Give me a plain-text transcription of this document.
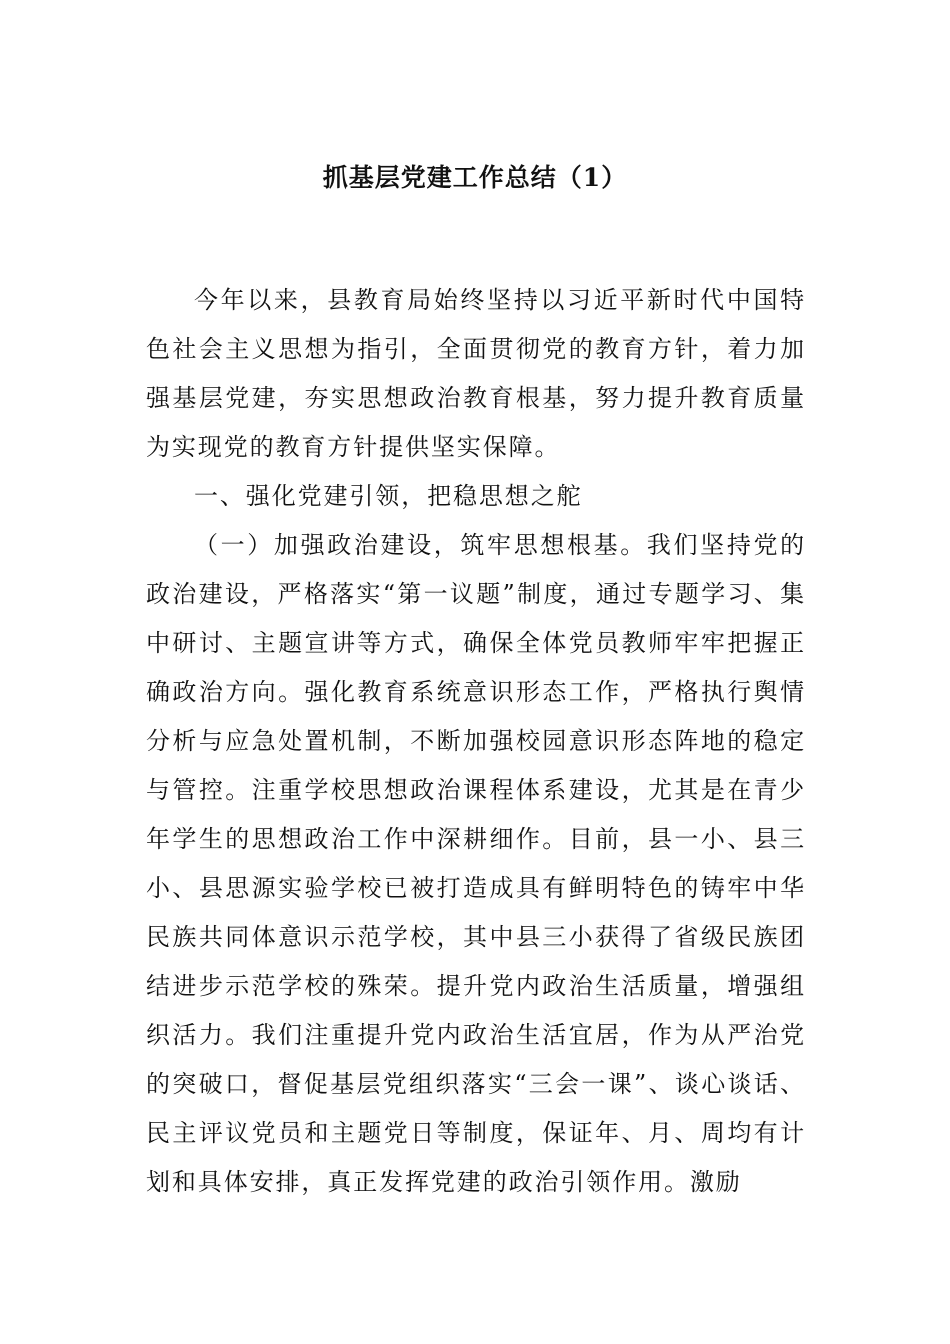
抓基层党建工作总结（1）

今年以来，县教育局始终坚持以习近平新时代中国特色社会主义思想为指引，全面贯彻党的教育方针，着力加强基层党建，夯实思想政治教育根基，努力提升教育质量为实现党的教育方针提供坚实保障。

一、强化党建引领，把稳思想之舵

（一）加强政治建设，筑牢思想根基。我们坚持党的政治建设，严格落实“第一议题”制度，通过专题学习、集中研讨、主题宣讲等方式，确保全体党员教师牢牢把握正确政治方向。强化教育系统意识形态工作，严格执行舆情分析与应急处置机制，不断加强校园意识形态阵地的稳定与管控。注重学校思想政治课程体系建设，尤其是在青少年学生的思想政治工作中深耕细作。目前，县一小、县三小、县思源实验学校已被打造成具有鲜明特色的铸牢中华民族共同体意识示范学校，其中县三小获得了省级民族团结进步示范学校的殊荣。提升党内政治生活质量，增强组织活力。我们注重提升党内政治生活宜居，作为从严治党的突破口，督促基层党组织落实“三会一课”、谈心谈话、民主评议党员和主题党日等制度，保证年、月、周均有计划和具体安排，真正发挥党建的政治引领作用。激励
